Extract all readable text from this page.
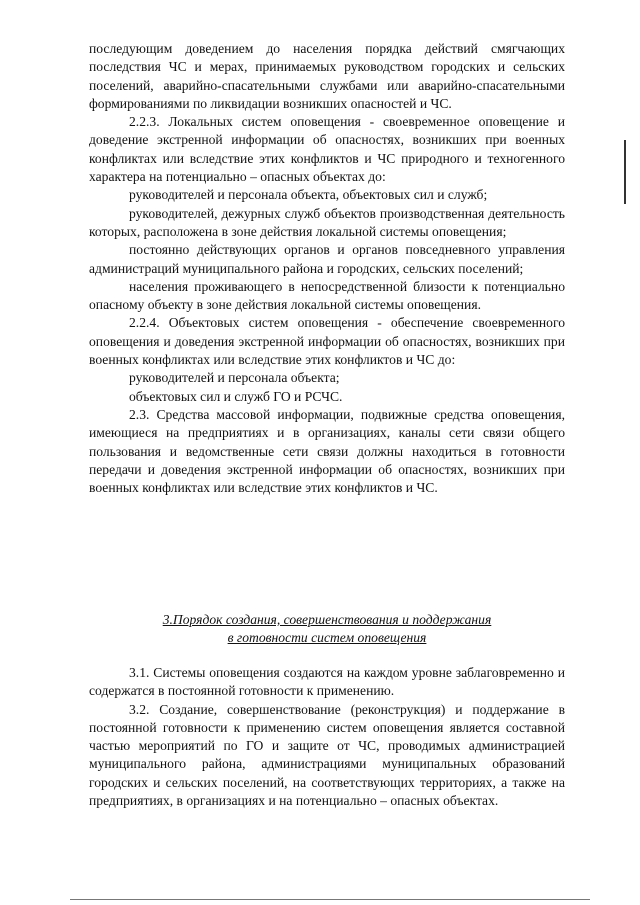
последующим доведением до населения порядка действий смягчающих последствия ЧС и мерах, принимаемых руководством городских и сельских поселений, аварийно-спасательными службами или аварийно-спасательными формированиями по ликвидации возникших опасностей и ЧС.

2.2.3. Локальных систем оповещения - своевременное оповещение и доведение экстренной информации об опасностях, возникших при военных конфликтах или вследствие этих конфликтов и ЧС природного и техногенного характера на потенциально – опасных объектах до:

руководителей и персонала объекта, объектовых сил и служб;

руководителей, дежурных служб объектов производственная деятельность которых, расположена в зоне действия локальной системы оповещения;

постоянно действующих органов и органов повседневного управления администраций муниципального района и городских, сельских поселений;

населения проживающего в непосредственной близости к потенциально опасному объекту в зоне действия локальной системы оповещения.

2.2.4. Объектовых систем оповещения - обеспечение своевременного оповещения и доведения экстренной информации об опасностях, возникших при военных конфликтах или вследствие этих конфликтов и ЧС до:

руководителей и персонала объекта;

объектовых сил и служб ГО и РСЧС.

2.3. Средства массовой информации, подвижные средства оповещения, имеющиеся на предприятиях и в организациях, каналы сети связи общего пользования и ведомственные сети связи должны находиться в готовности передачи и доведения экстренной информации об опасностях, возникших при военных конфликтах или вследствие этих конфликтов и ЧС.

3.Порядок создания, совершенствования и поддержания
в готовности систем оповещения

3.1. Системы оповещения создаются на каждом уровне заблаговременно и содержатся в постоянной готовности к применению.

3.2. Создание, совершенствование (реконструкция) и поддержание в постоянной готовности к применению систем оповещения является составной частью мероприятий по ГО и защите от ЧС, проводимых администрацией муниципального района, администрациями муниципальных образований городских и сельских поселений, на соответствующих территориях, а также на предприятиях, в организациях и на потенциально – опасных объектах.
